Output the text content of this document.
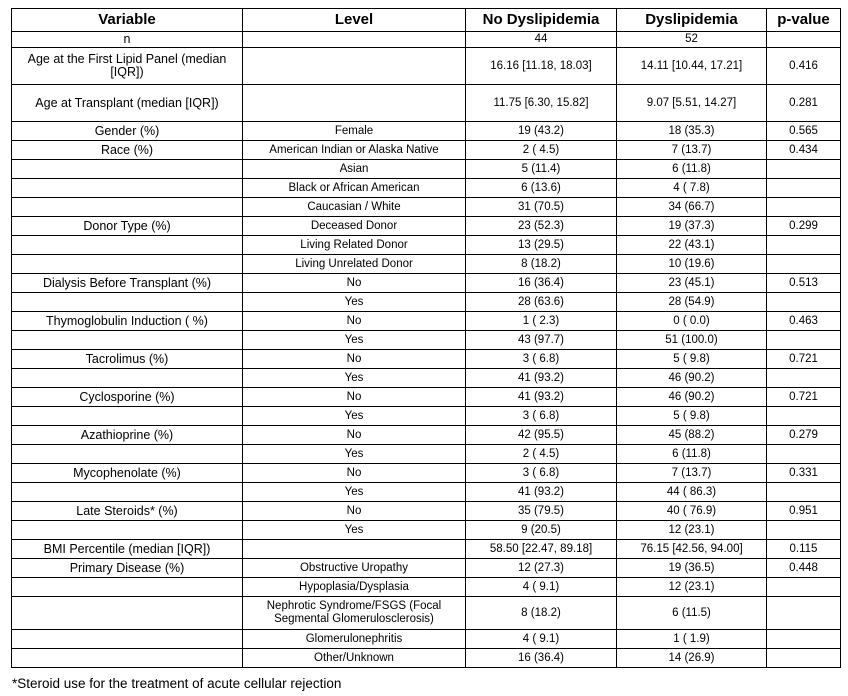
Variable	Level	No Dyslipidemia	Dyslipidemia	p-value
n		44	52	
Age at the First Lipid Panel (median [IQR])		16.16 [11.18, 18.03]	14.11 [10.44, 17.21]	0.416
Age at Transplant (median [IQR])		11.75 [6.30, 15.82]	9.07 [5.51, 14.27]	0.281
Gender (%)	Female	19 (43.2)	18 (35.3)	0.565
Race (%)	American Indian or Alaska Native	2 ( 4.5)	7 (13.7)	0.434
	Asian	5 (11.4)	6 (11.8)	
	Black or African American	6 (13.6)	4 ( 7.8)	
	Caucasian / White	31 (70.5)	34 (66.7)	
Donor Type (%)	Deceased Donor	23 (52.3)	19 (37.3)	0.299
	Living Related Donor	13 (29.5)	22 (43.1)	
	Living Unrelated Donor	8 (18.2)	10 (19.6)	
Dialysis Before Transplant (%)	No	16 (36.4)	23 (45.1)	0.513
	Yes	28 (63.6)	28 (54.9)	
Thymoglobulin Induction ( %)	No	1 ( 2.3)	0 ( 0.0)	0.463
	Yes	43 (97.7)	51 (100.0)	
Tacrolimus (%)	No	3 ( 6.8)	5 ( 9.8)	0.721
	Yes	41 (93.2)	46 (90.2)	
Cyclosporine (%)	No	41 (93.2)	46 (90.2)	0.721
	Yes	3 ( 6.8)	5 ( 9.8)	
Azathioprine (%)	No	42 (95.5)	45 (88.2)	0.279
	Yes	2 ( 4.5)	6 (11.8)	
Mycophenolate (%)	No	3 ( 6.8)	7 (13.7)	0.331
	Yes	41 (93.2)	44 ( 86.3)	
Late Steroids* (%)	No	35 (79.5)	40 ( 76.9)	0.951
	Yes	9 (20.5)	12 (23.1)	
BMI Percentile (median [IQR])		58.50 [22.47, 89.18]	76.15 [42.56, 94.00]	0.115
Primary Disease (%)	Obstructive Uropathy	12 (27.3)	19 (36.5)	0.448
	Hypoplasia/Dysplasia	4 ( 9.1)	12 (23.1)	
	Nephrotic Syndrome/FSGS (Focal Segmental Glomerulosclerosis)	8 (18.2)	6 (11.5)	
	Glomerulonephritis	4 ( 9.1)	1 ( 1.9)	
	Other/Unknown	16 (36.4)	14 (26.9)	
*Steroid use for the treatment of acute cellular rejection
